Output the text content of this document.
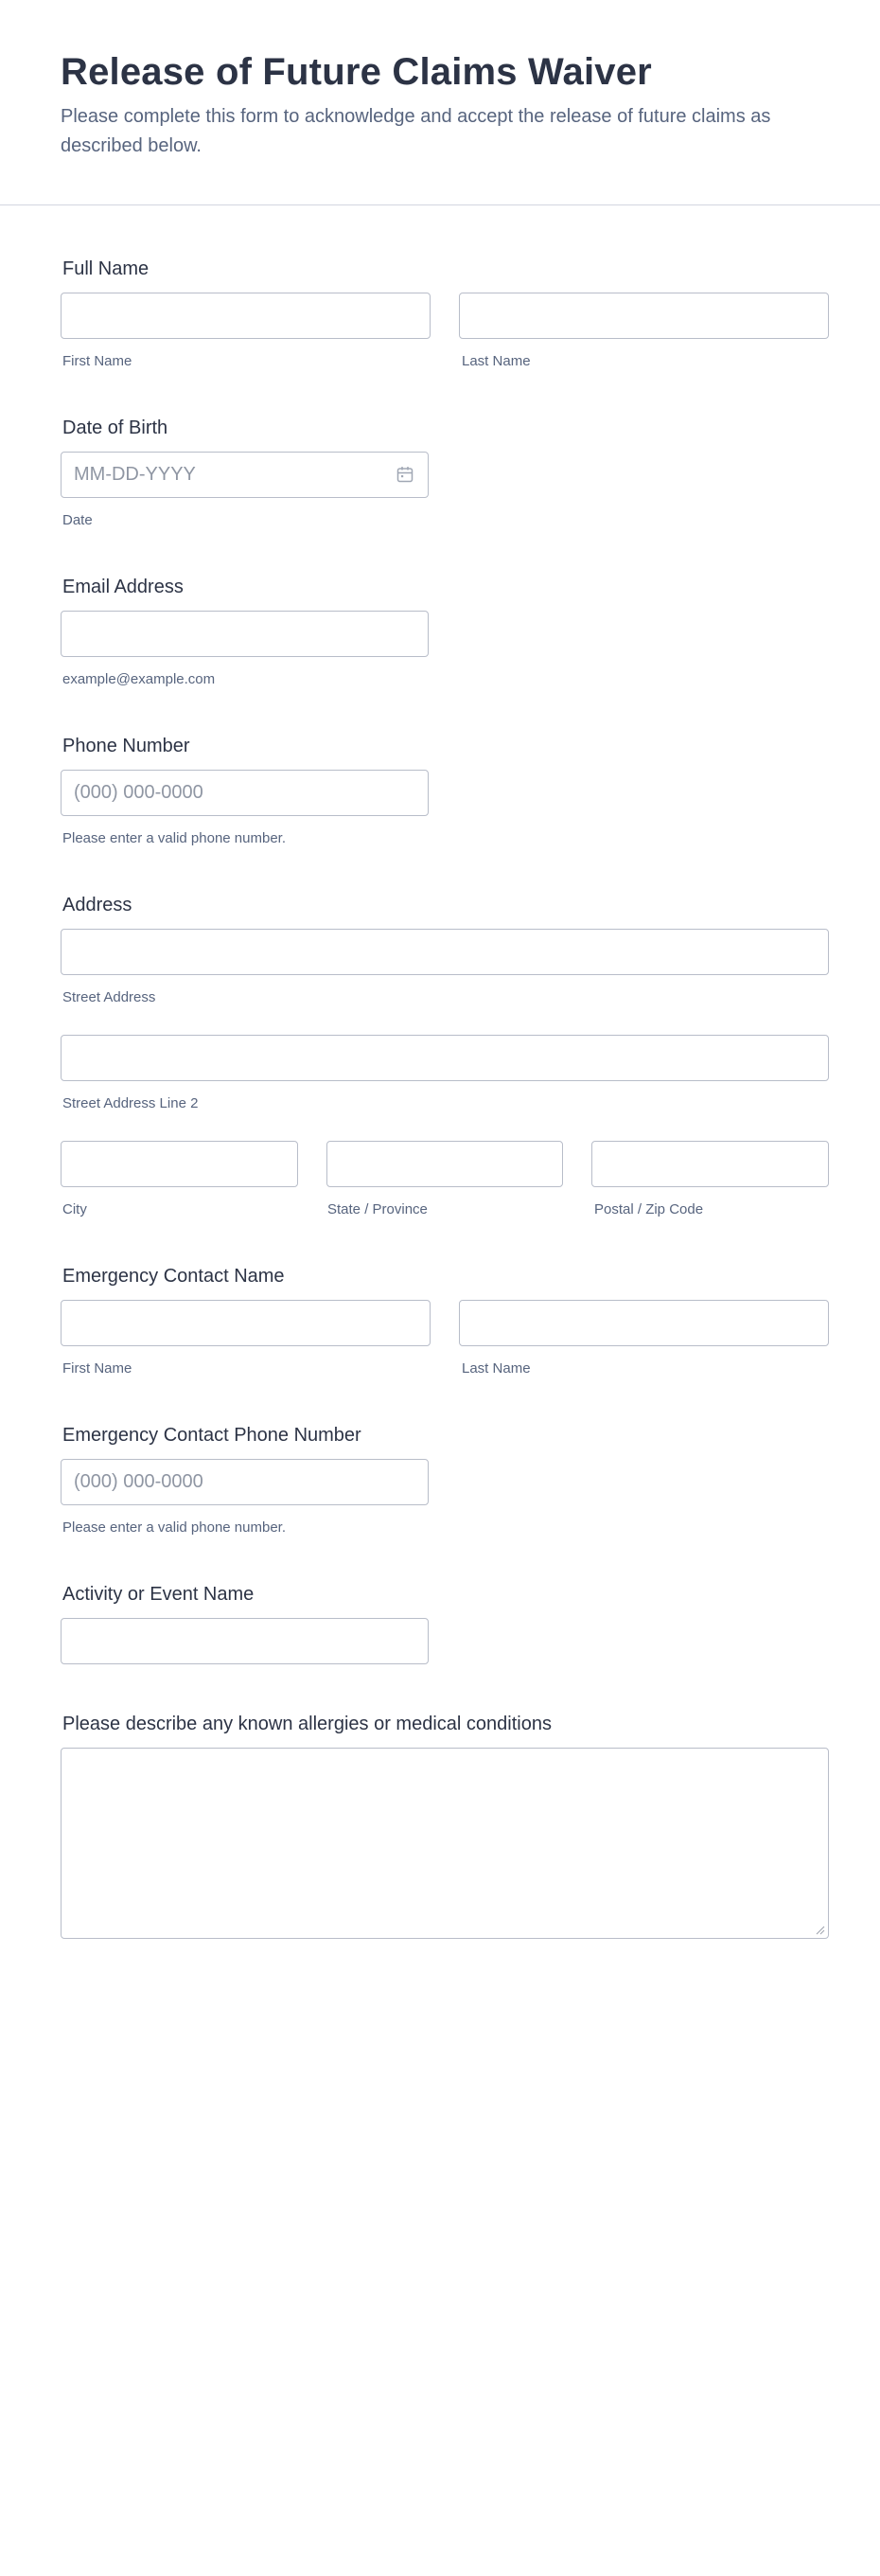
Release of Future Claims Waiver

Please complete this form to acknowledge and accept the release of future claims as described below.

Full Name
First Name	Last Name
Date of Birth
MM-DD-YYYY
Date
Email Address
example@example.com
Phone Number
(000) 000-0000
Please enter a valid phone number.
Address
Street Address
Street Address Line 2
City	State / Province	Postal / Zip Code
Emergency Contact Name
First Name	Last Name
Emergency Contact Phone Number
(000) 000-0000
Please enter a valid phone number.
Activity or Event Name
Please describe any known allergies or medical conditions
